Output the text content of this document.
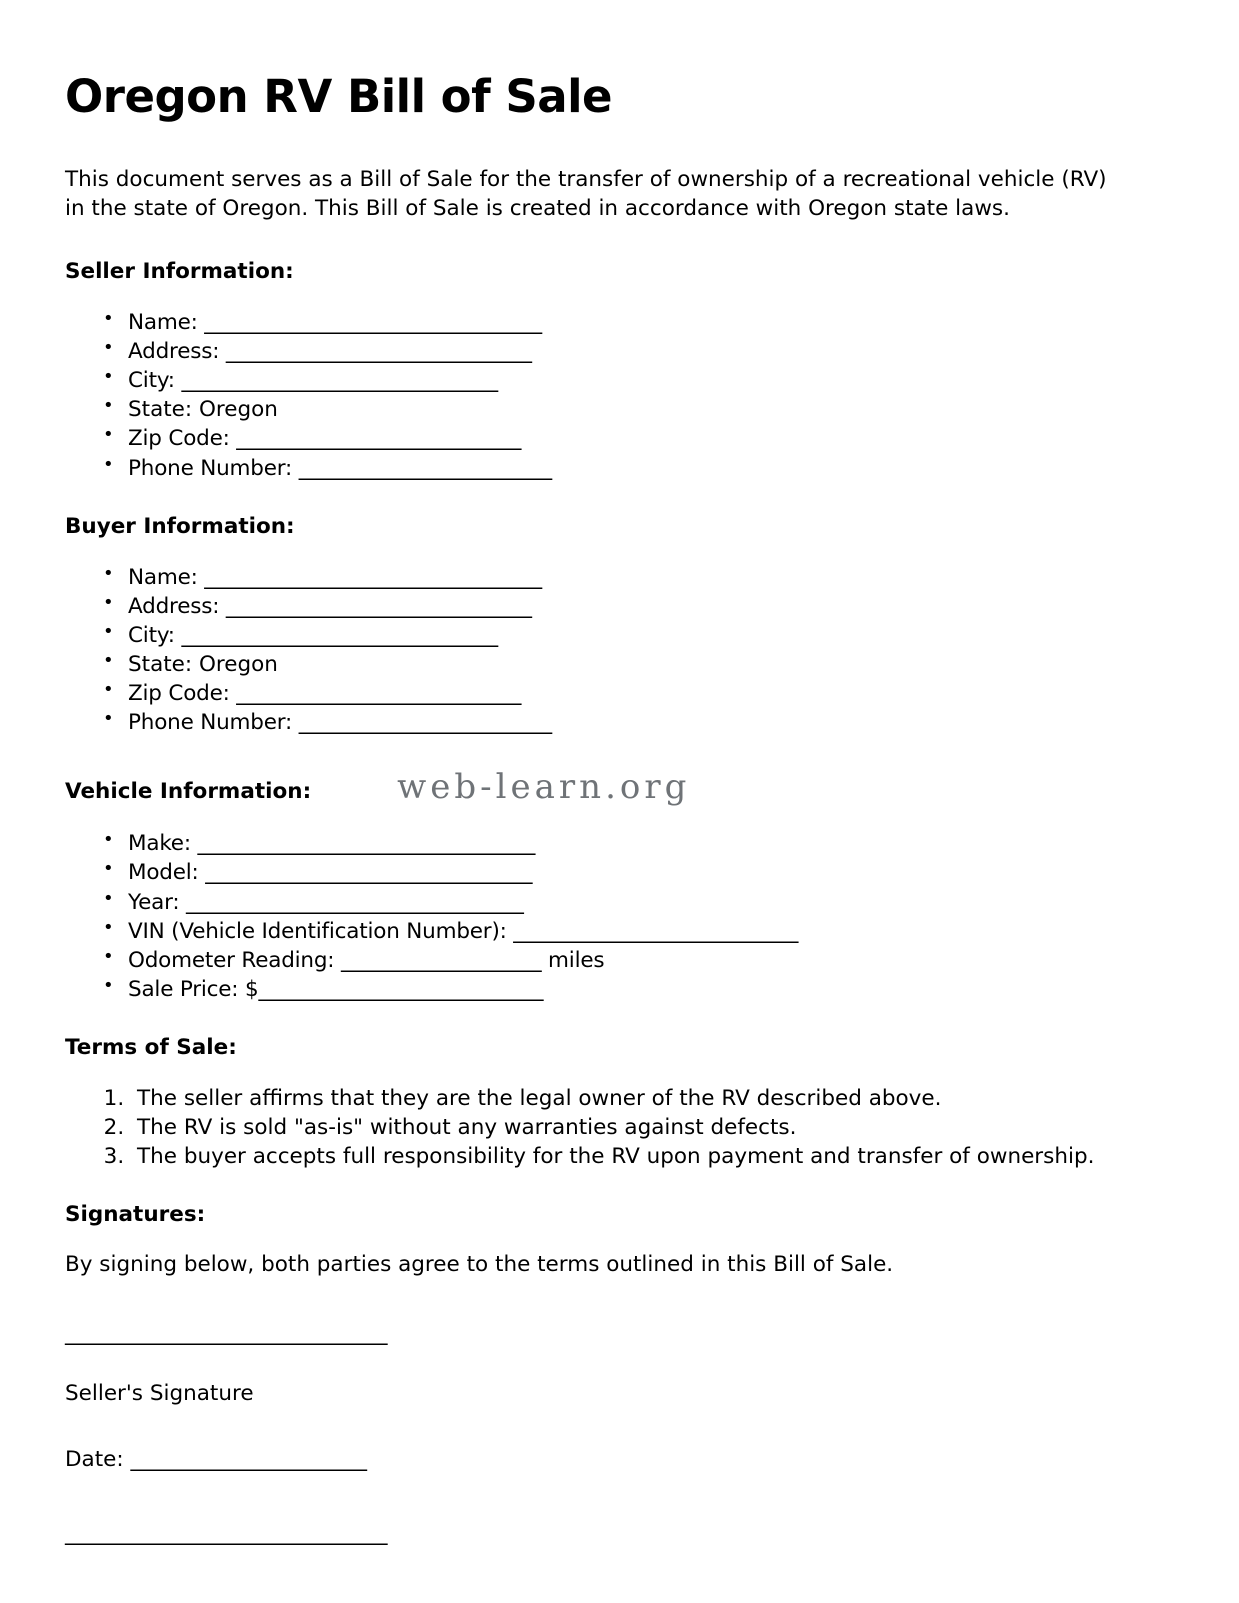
Oregon RV Bill of Sale

This document serves as a Bill of Sale for the transfer of ownership of a recreational vehicle (RV) in the state of Oregon. This Bill of Sale is created in accordance with Oregon state laws.

Seller Information:
• Name: ________________________________
• Address: _____________________________
• City: ______________________________
• State: Oregon
• Zip Code: ___________________________
• Phone Number: ________________________
Buyer Information:
• Name: ________________________________
• Address: _____________________________
• City: ______________________________
• State: Oregon
• Zip Code: ___________________________
• Phone Number: ________________________
Vehicle Information:	web-learn.org
• Make: ________________________________
• Model: _______________________________
• Year: ________________________________
• VIN (Vehicle Identification Number): ___________________________
• Odometer Reading: ___________________ miles
• Sale Price: $___________________________
Terms of Sale:
1. The seller affirms that they are the legal owner of the RV described above.
2. The RV is sold "as-is" without any warranties against defects.
3. The buyer accepts full responsibility for the RV upon payment and transfer of ownership.
Signatures:

By signing below, both parties agree to the terms outlined in this Bill of Sale.

______________________________
Seller's Signature
Date: ______________________
______________________________
